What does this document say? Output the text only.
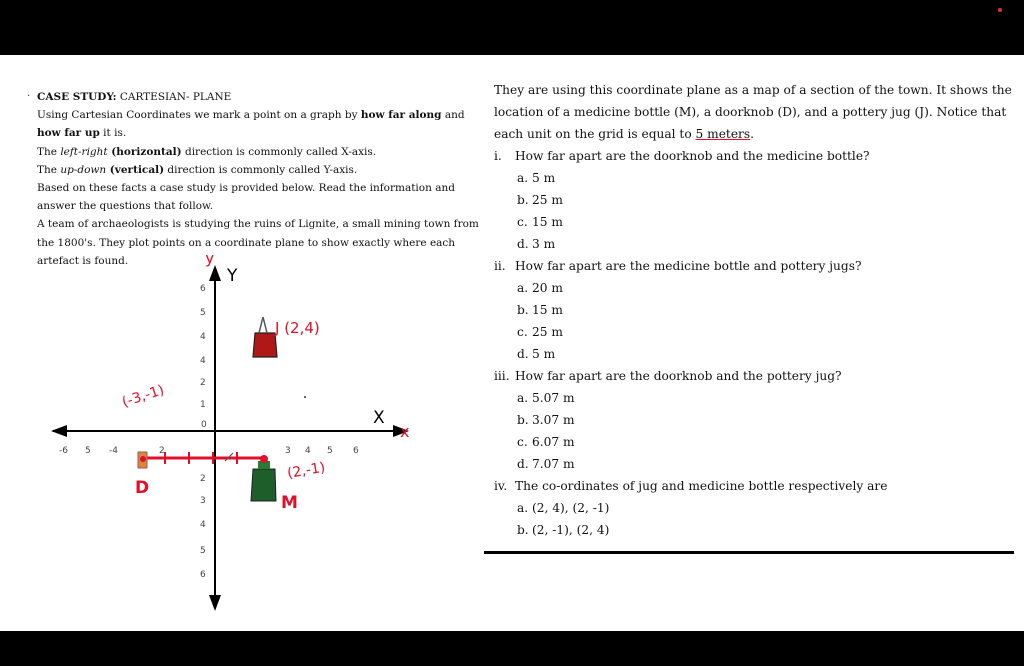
. CASE STUDY: CARTESIAN- PLANE

Using Cartesian Coordinates we mark a point on a graph by how far along and how far up it is.

The left-right (horizontal) direction is commonly called X-axis.

The up-down (vertical) direction is commonly called Y-axis.

Based on these facts a case study is provided below. Read the information and answer the questions that follow.

A team of archaeologists is studying the ruins of Lignite, a small mining town from the 1800's. They plot points on a coordinate plane to show exactly where each artefact is found.

-6 5 -4	2	3 4 5 6
6
5
4
4
2
1
0
2
3
4
5
6
y
Y
X
x
J (2,4)
(-3,-1)
D
(2,-1)
M

They are using this coordinate plane as a map of a section of the town. It shows the location of a medicine bottle (M), a doorknob (D), and a pottery jug (J). Notice that each unit on the grid is equal to 5 meters.

i. How far apart are the doorknob and the medicine bottle?
a. 5 m
b. 25 m
c. 15 m
d. 3 m
ii. How far apart are the medicine bottle and pottery jugs?
a. 20 m
b. 15 m
c. 25 m
d. 5 m
iii. How far apart are the doorknob and the pottery jug?
a. 5.07 m
b. 3.07 m
c. 6.07 m
d. 7.07 m
iv. The co-ordinates of jug and medicine bottle respectively are
a. (2, 4), (2, -1)
b. (2, -1), (2, 4)
